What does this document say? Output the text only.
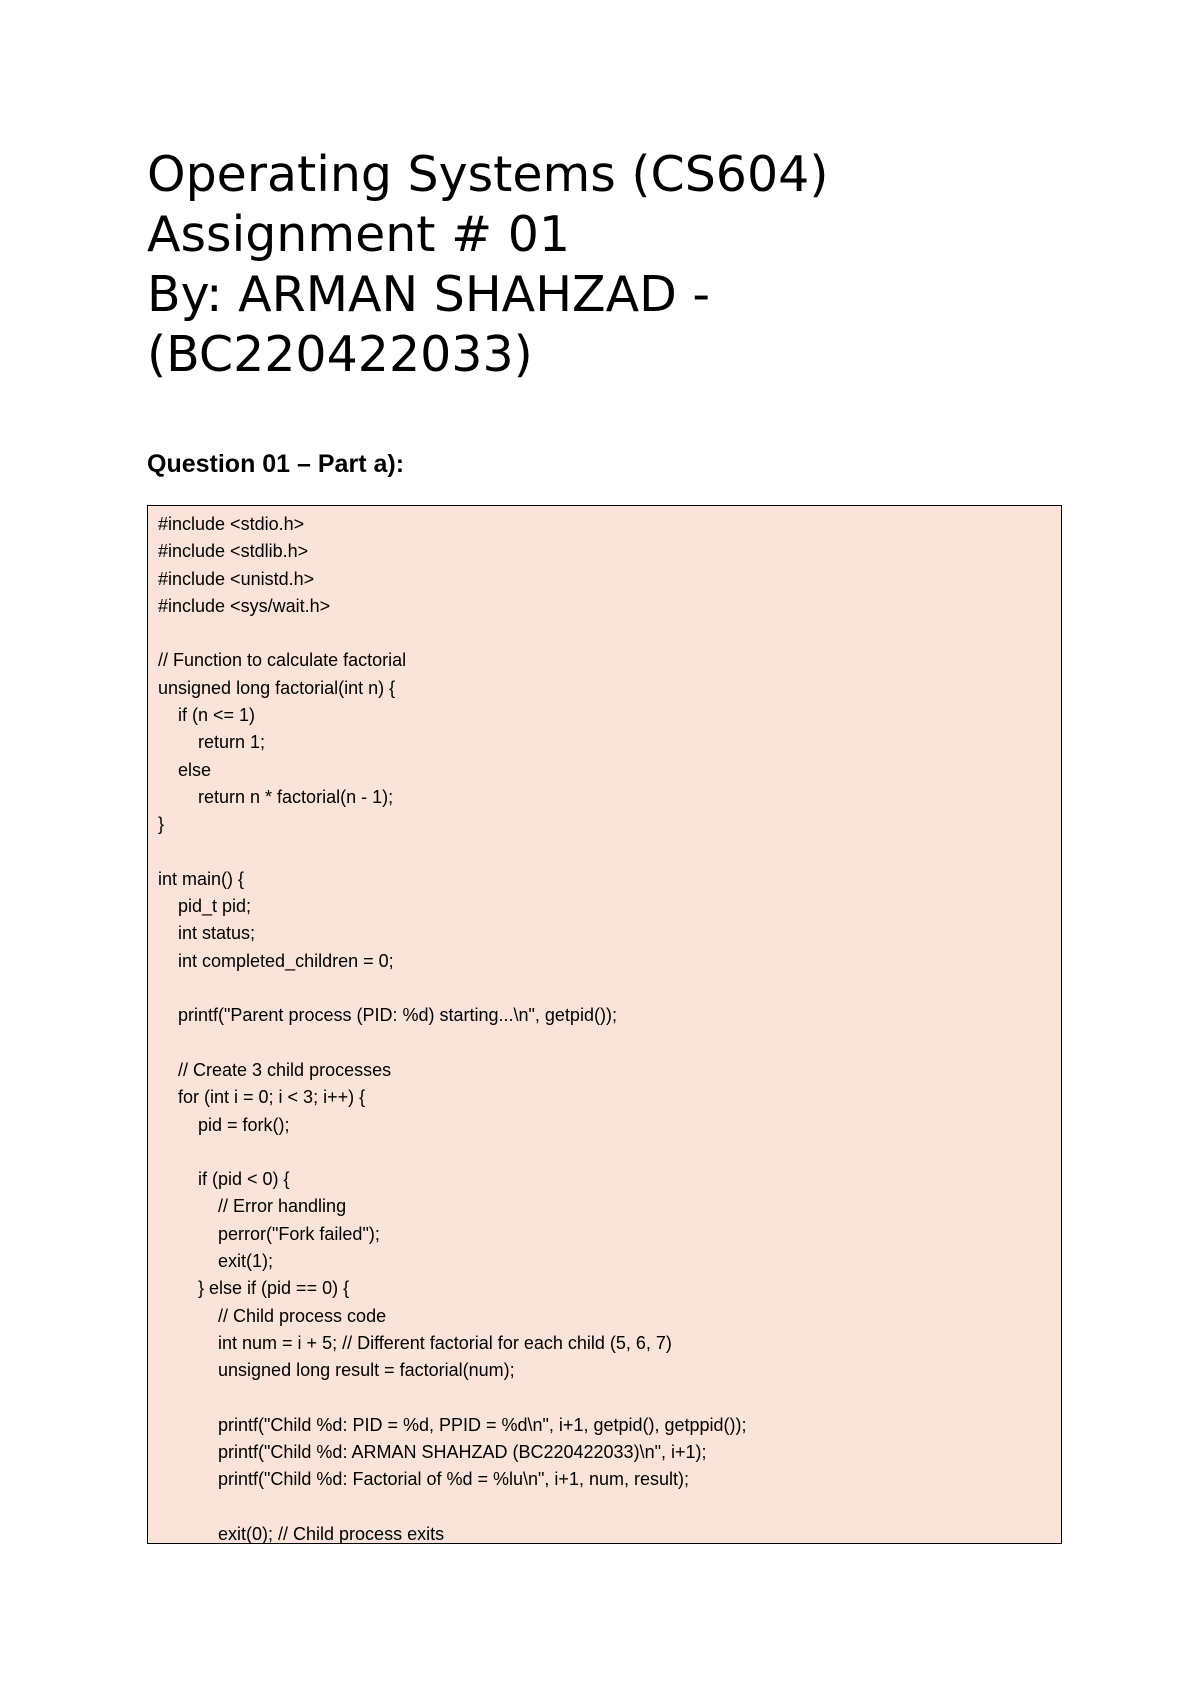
Operating Systems (CS604)
Assignment # 01
By: ARMAN SHAHZAD -
(BC220422033)
Question 01 – Part a):
#include <stdio.h>
#include <stdlib.h>
#include <unistd.h>
#include <sys/wait.h>
// Function to calculate factorial
unsigned long factorial(int n) {
if (n <= 1)
return 1;
else
return n * factorial(n - 1);
}
int main() {
pid_t pid;
int status;
int completed_children = 0;
printf("Parent process (PID: %d) starting...\n", getpid());
// Create 3 child processes
for (int i = 0; i < 3; i++) {
pid = fork();
if (pid < 0) {
// Error handling
perror("Fork failed");
exit(1);
} else if (pid == 0) {
// Child process code
int num = i + 5; // Different factorial for each child (5, 6, 7)
unsigned long result = factorial(num);
printf("Child %d: PID = %d, PPID = %d\n", i+1, getpid(), getppid());
printf("Child %d: ARMAN SHAHZAD (BC220422033)\n", i+1);
printf("Child %d: Factorial of %d = %lu\n", i+1, num, result);
exit(0); // Child process exits
